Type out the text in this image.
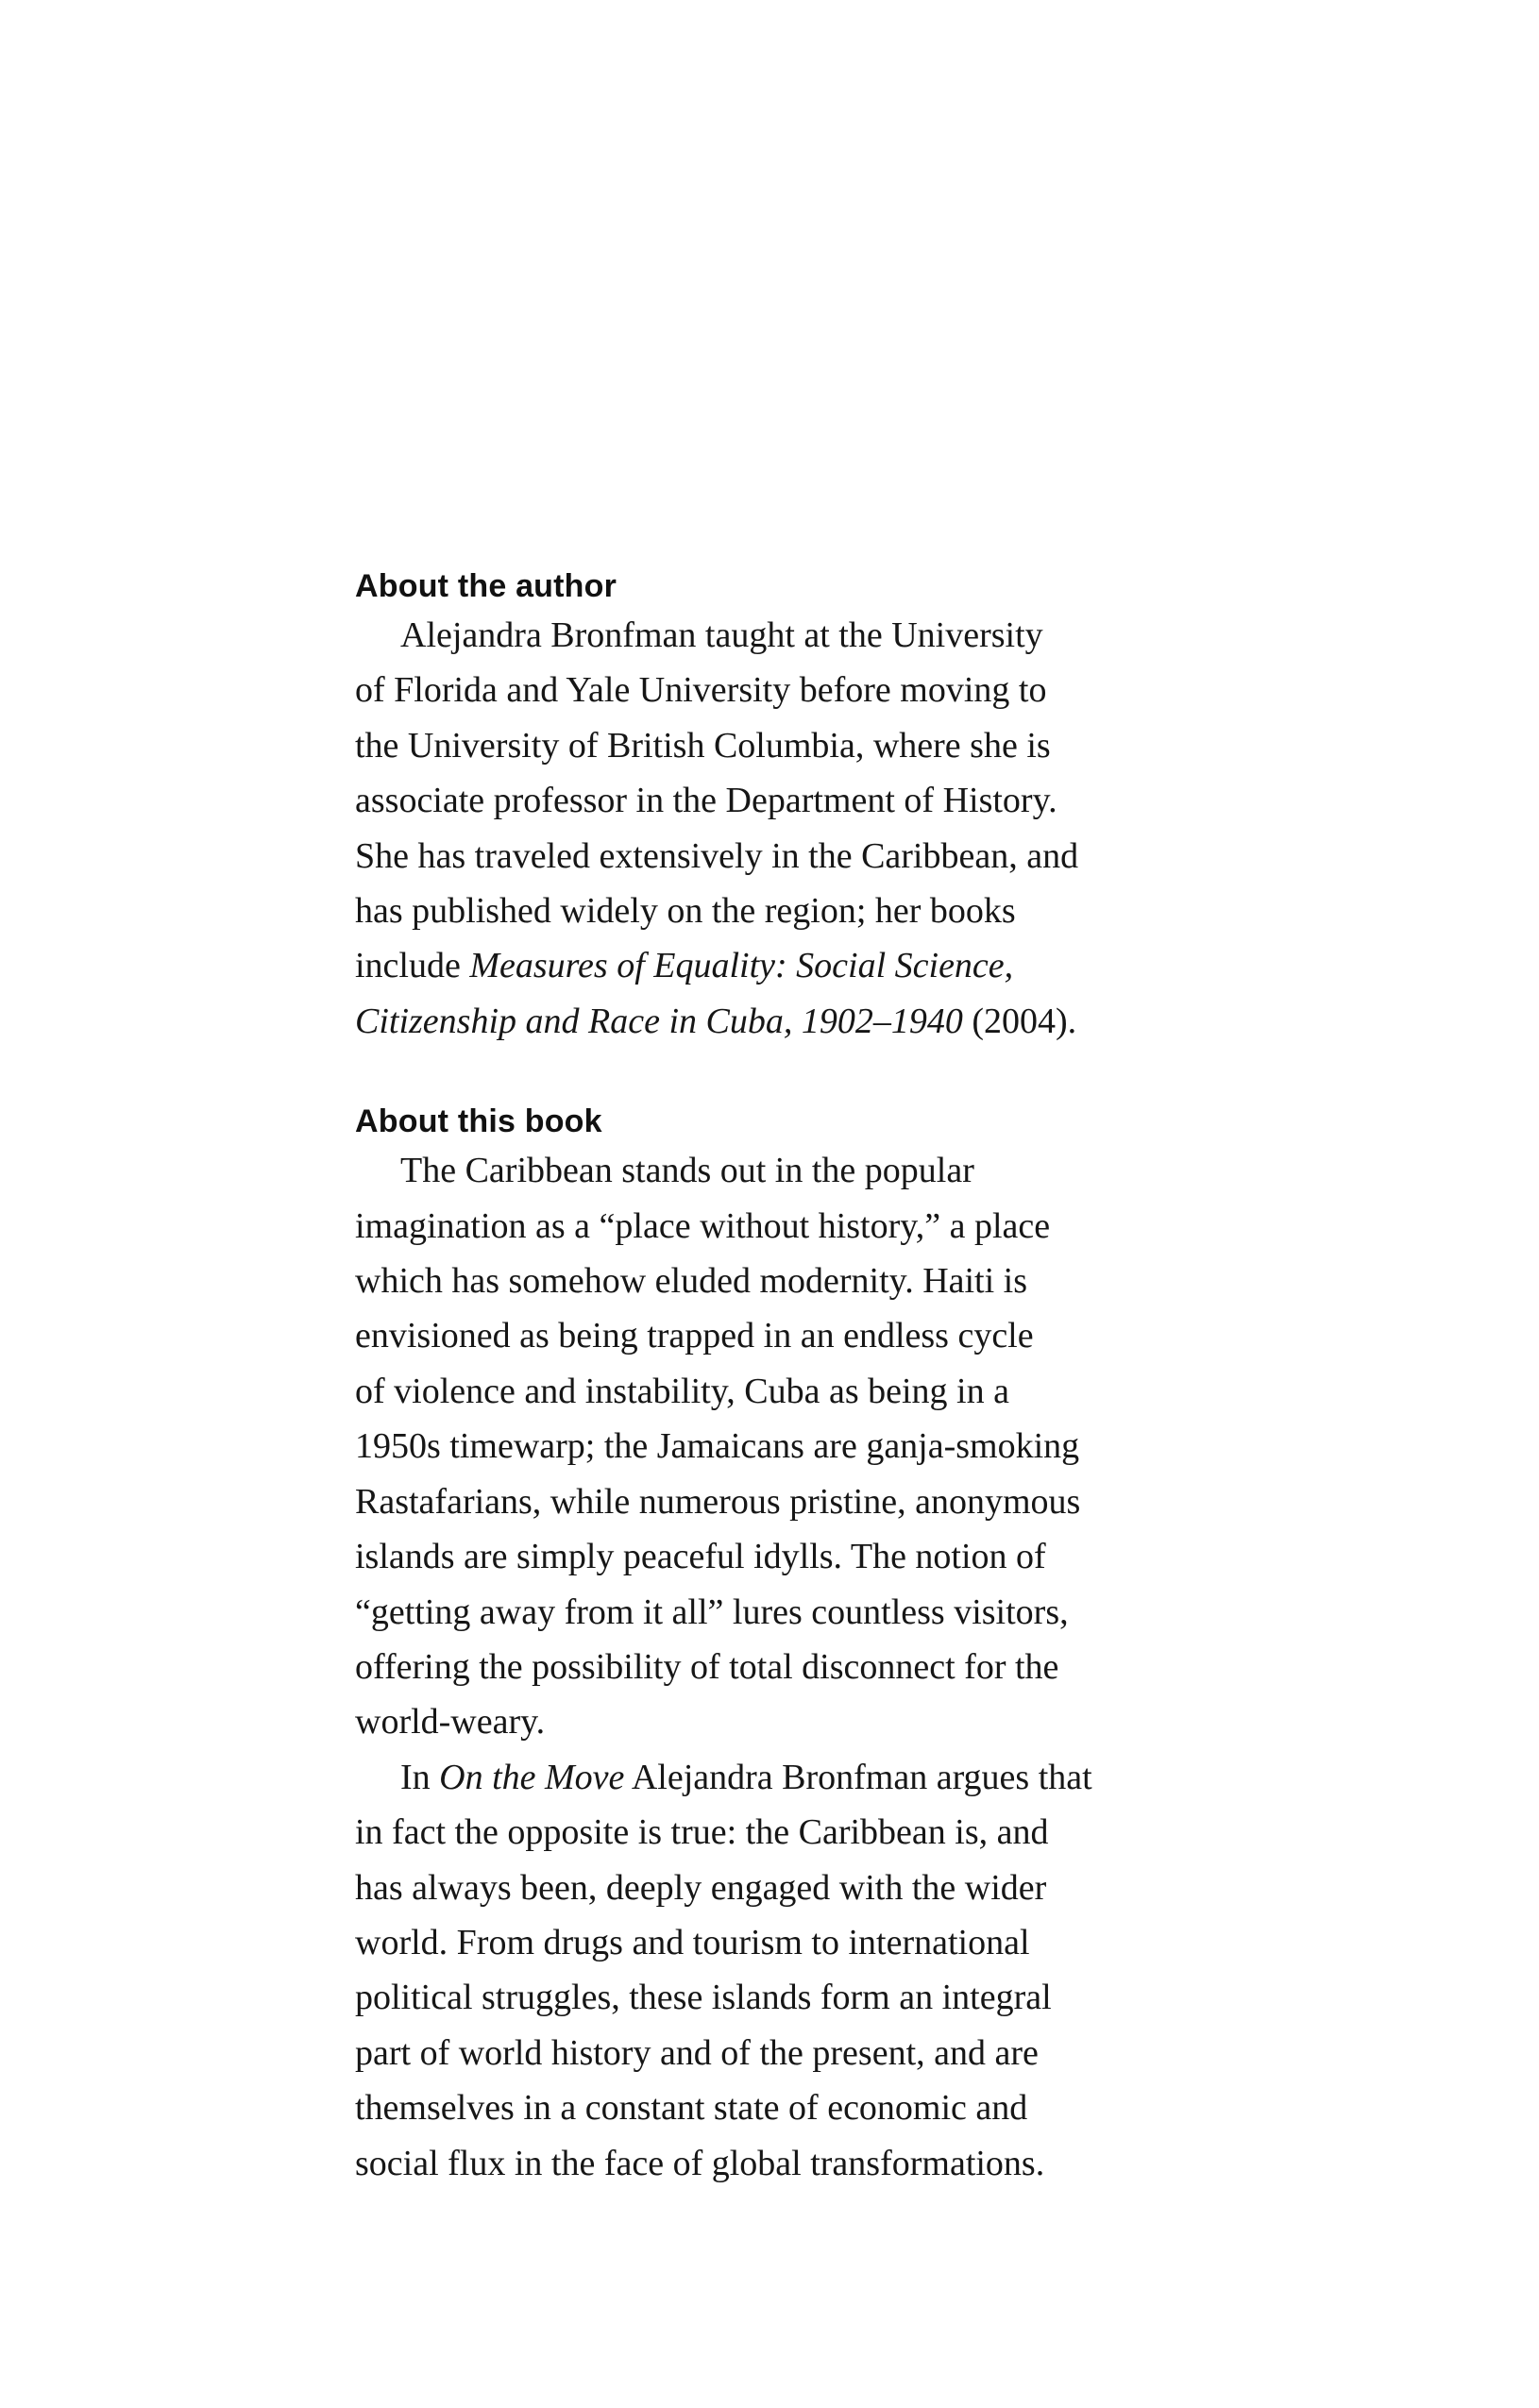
About the author

Alejandra Bronfman taught at the University
of Florida and Yale University before moving to
the University of British Columbia, where she is
associate professor in the Department of History.
She has traveled extensively in the Caribbean, and
has published widely on the region; her books
include Measures of Equality: Social Science,
Citizenship and Race in Cuba, 1902–1940 (2004).

About this book

The Caribbean stands out in the popular
imagination as a “place without history,” a place
which has somehow eluded modernity. Haiti is
envisioned as being trapped in an endless cycle
of violence and instability, Cuba as being in a
1950s timewarp; the Jamaicans are ganja-smoking
Rastafarians, while numerous pristine, anonymous
islands are simply peaceful idylls. The notion of
“getting away from it all” lures countless visitors,
offering the possibility of total disconnect for the
world-weary.

In On the Move Alejandra Bronfman argues that
in fact the opposite is true: the Caribbean is, and
has always been, deeply engaged with the wider
world. From drugs and tourism to international
political struggles, these islands form an integral
part of world history and of the present, and are
themselves in a constant state of economic and
social flux in the face of global transformations.
